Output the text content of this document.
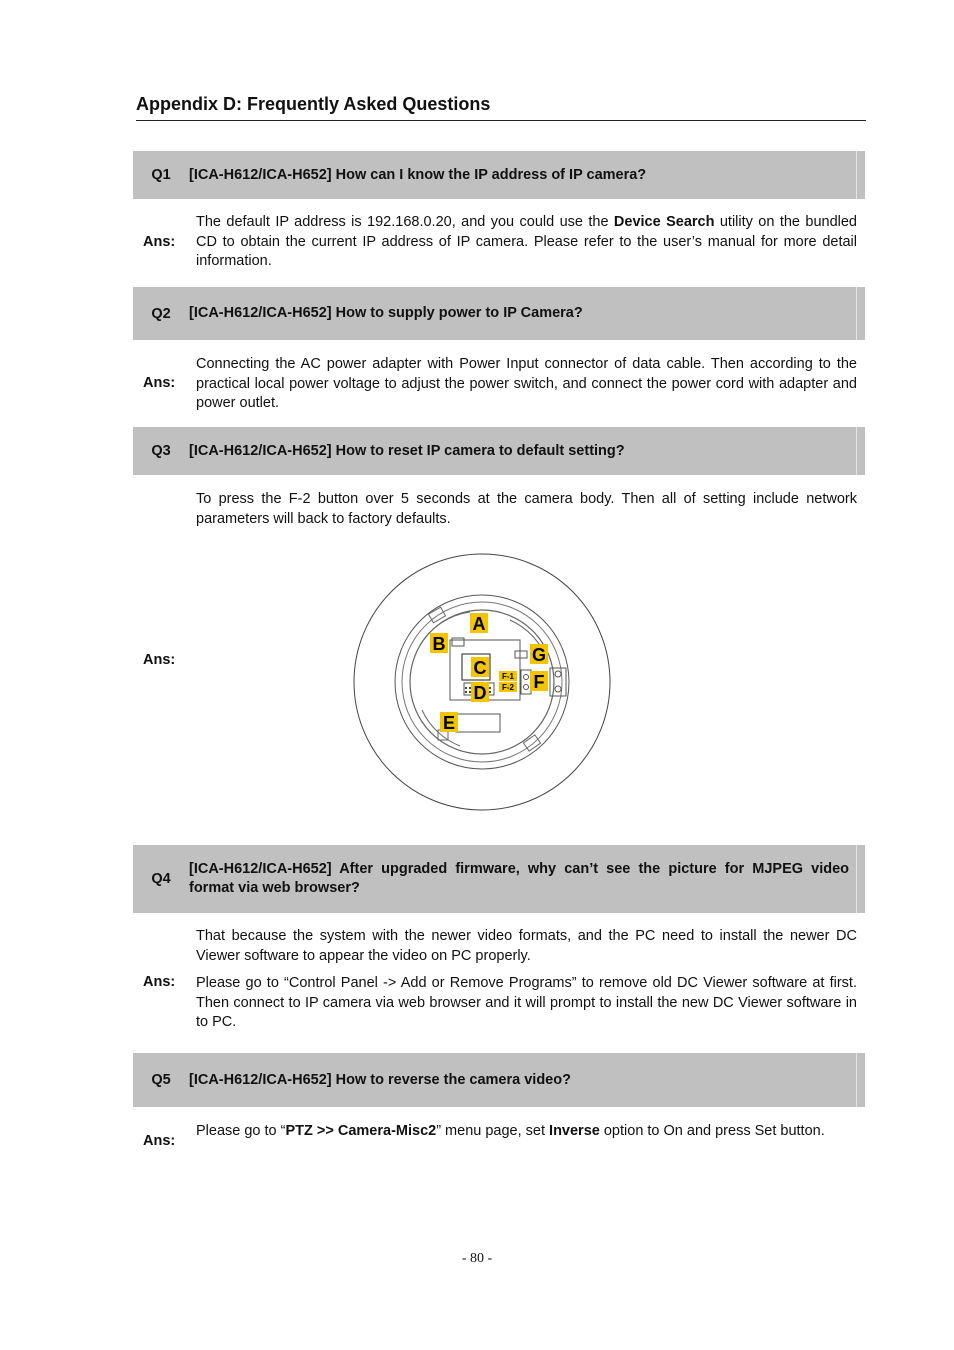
Appendix D: Frequently Asked Questions
Q1	[ICA-H612/ICA-H652] How can I know the IP address of IP camera?
Ans:
The default IP address is 192.168.0.20, and you could use the Device Search utility on the bundled CD to obtain the current IP address of IP camera. Please refer to the user’s manual for more detail information.
Q2	[ICA-H612/ICA-H652] How to supply power to IP Camera?
Ans:
Connecting the AC power adapter with Power Input connector of data cable. Then according to the practical local power voltage to adjust the power switch, and connect the power cord with adapter and power outlet.
Q3	[ICA-H612/ICA-H652] How to reset IP camera to default setting?
Ans:
To press the F-2 button over 5 seconds at the camera body. Then all of setting include network parameters will back to factory defaults.
A
B
C
D
E
F
G
F-1
F-2
Q4
[ICA-H612/ICA-H652] After upgraded firmware, why can’t see the picture for MJPEG video format via web browser?
Ans:

That because the system with the newer video formats, and the PC need to install the newer DC Viewer software to appear the video on PC properly.

Please go to “Control Panel -> Add or Remove Programs” to remove old DC Viewer software at first. Then connect to IP camera via web browser and it will prompt to install the new DC Viewer software in to PC.

Q5	[ICA-H612/ICA-H652] How to reverse the camera video?
Ans:
Please go to “PTZ >> Camera-Misc2” menu page, set Inverse option to On and press Set button.
- 80 -
